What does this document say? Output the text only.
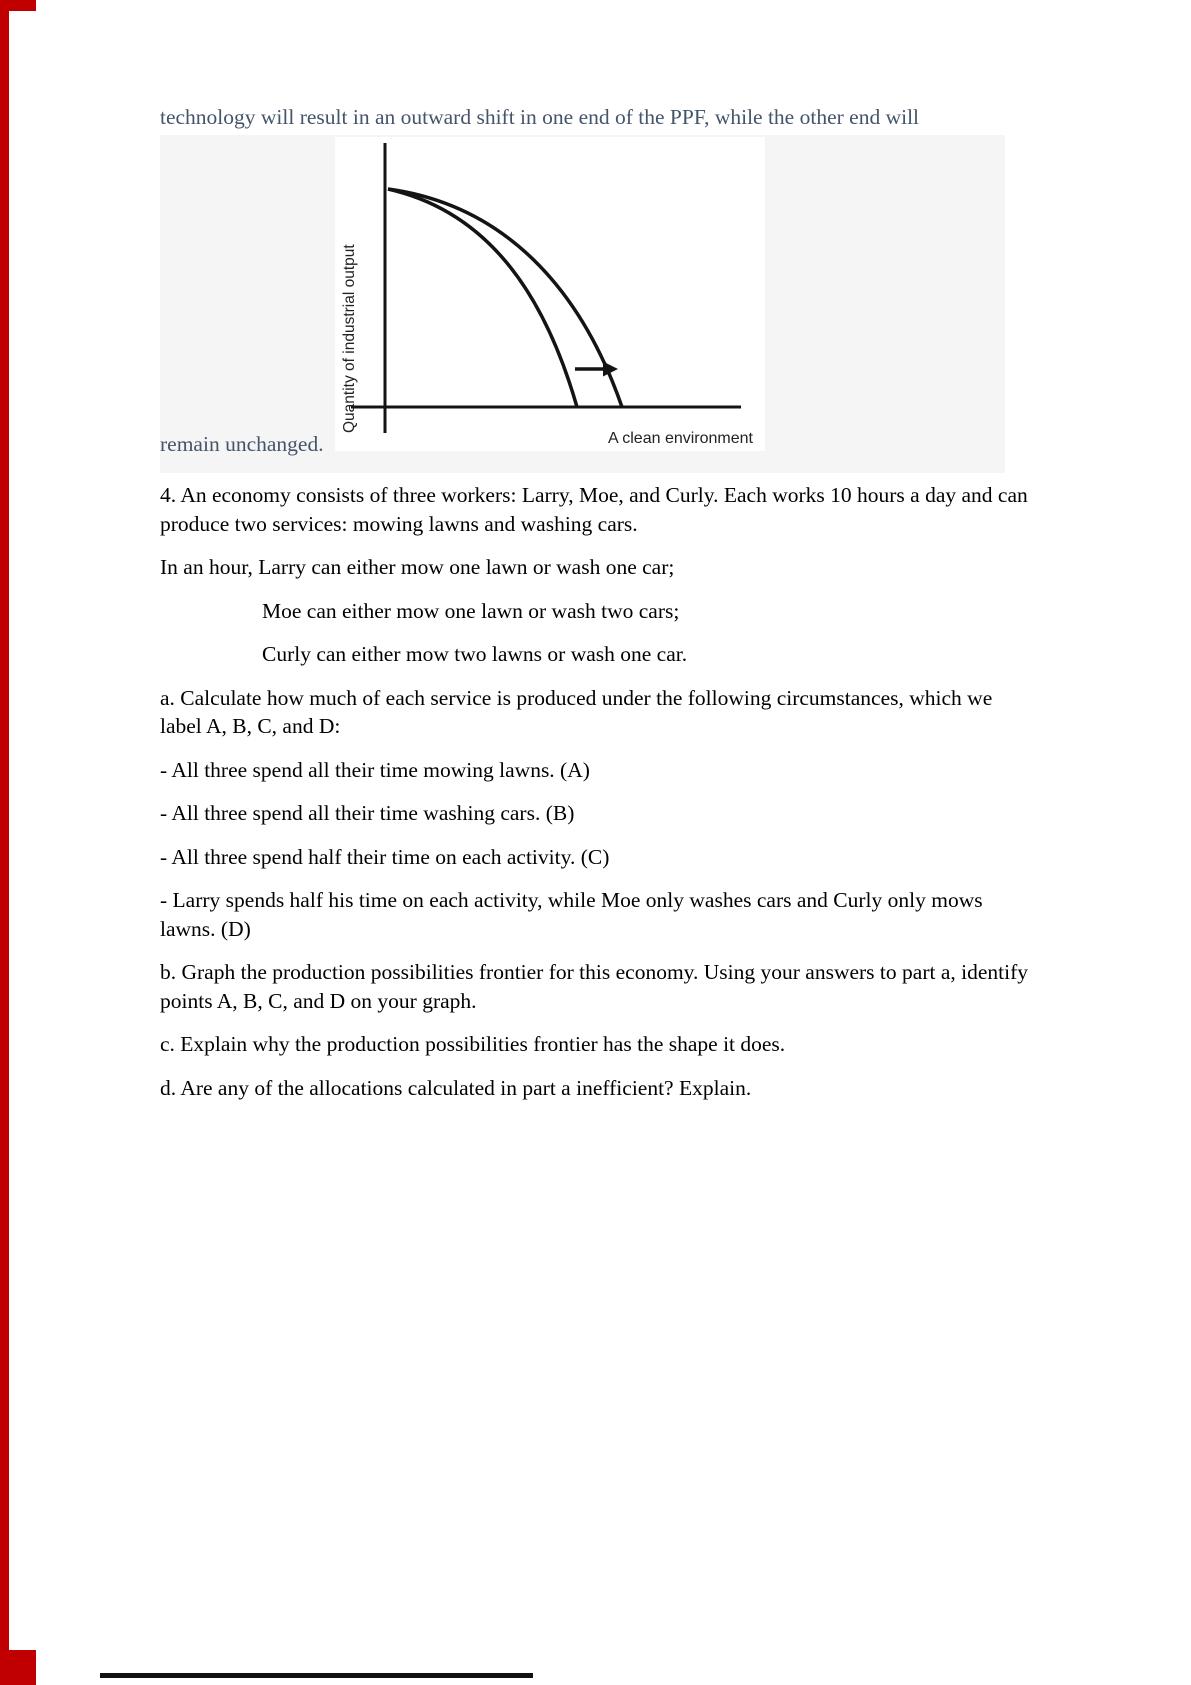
technology will result in an outward shift in one end of the PPF, while the other end will

Quantity of industrial output
A clean environment

remain unchanged.

4. An economy consists of three workers: Larry, Moe, and Curly. Each works 10 hours a day and can produce two services: mowing lawns and washing cars.

In an hour, Larry can either mow one lawn or wash one car;

Moe can either mow one lawn or wash two cars;

Curly can either mow two lawns or wash one car.

a. Calculate how much of each service is produced under the following circumstances, which we label A, B, C, and D:

- All three spend all their time mowing lawns. (A)

- All three spend all their time washing cars. (B)

- All three spend half their time on each activity. (C)

- Larry spends half his time on each activity, while Moe only washes cars and Curly only mows lawns. (D)

b. Graph the production possibilities frontier for this economy. Using your answers to part a, identify points A, B, C, and D on your graph.

c. Explain why the production possibilities frontier has the shape it does.

d. Are any of the allocations calculated in part a inefficient? Explain.
